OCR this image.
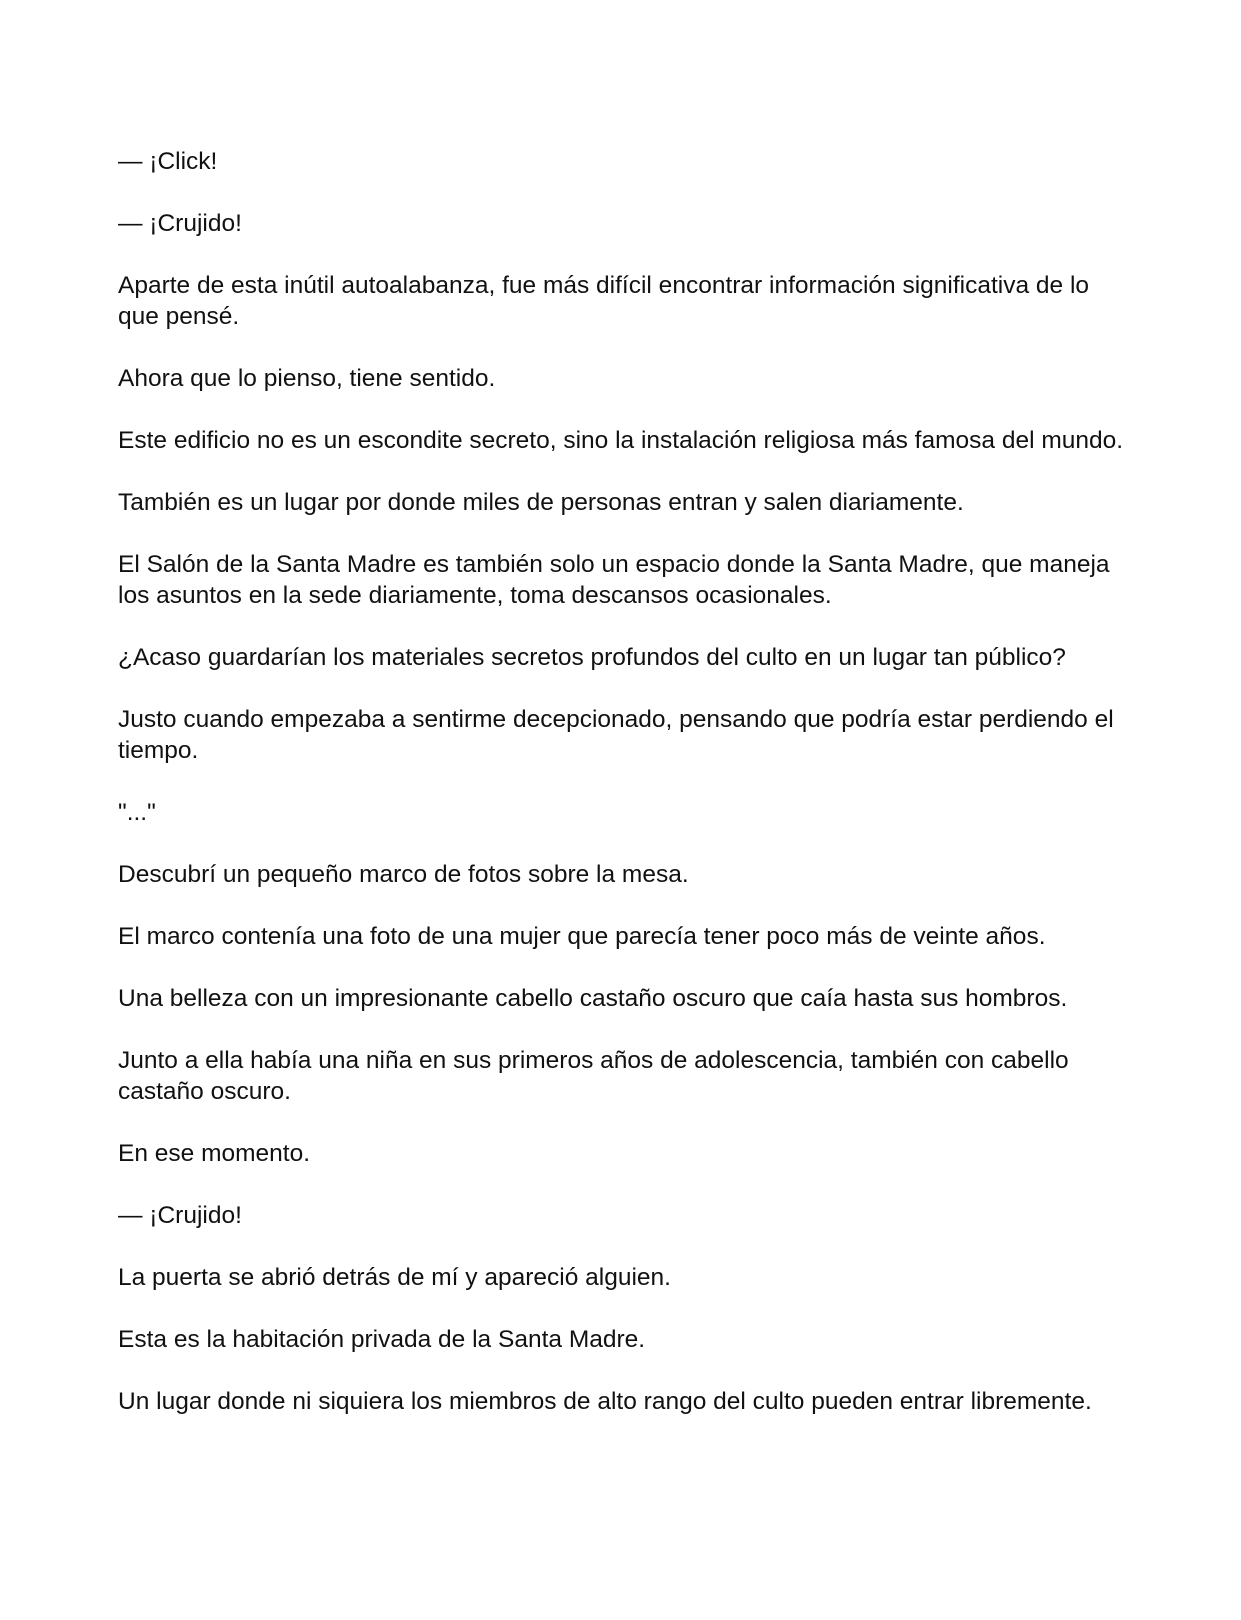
— ¡Click!

— ¡Crujido!

Aparte de esta inútil autoalabanza, fue más difícil encontrar información significativa de lo que pensé.

Ahora que lo pienso, tiene sentido.

Este edificio no es un escondite secreto, sino la instalación religiosa más famosa del mundo.

También es un lugar por donde miles de personas entran y salen diariamente.

El Salón de la Santa Madre es también solo un espacio donde la Santa Madre, que maneja los asuntos en la sede diariamente, toma descansos ocasionales.

¿Acaso guardarían los materiales secretos profundos del culto en un lugar tan público?

Justo cuando empezaba a sentirme decepcionado, pensando que podría estar perdiendo el tiempo.

"..."

Descubrí un pequeño marco de fotos sobre la mesa.

El marco contenía una foto de una mujer que parecía tener poco más de veinte años.

Una belleza con un impresionante cabello castaño oscuro que caía hasta sus hombros.

Junto a ella había una niña en sus primeros años de adolescencia, también con cabello castaño oscuro.

En ese momento.

— ¡Crujido!

La puerta se abrió detrás de mí y apareció alguien.

Esta es la habitación privada de la Santa Madre.

Un lugar donde ni siquiera los miembros de alto rango del culto pueden entrar libremente.
